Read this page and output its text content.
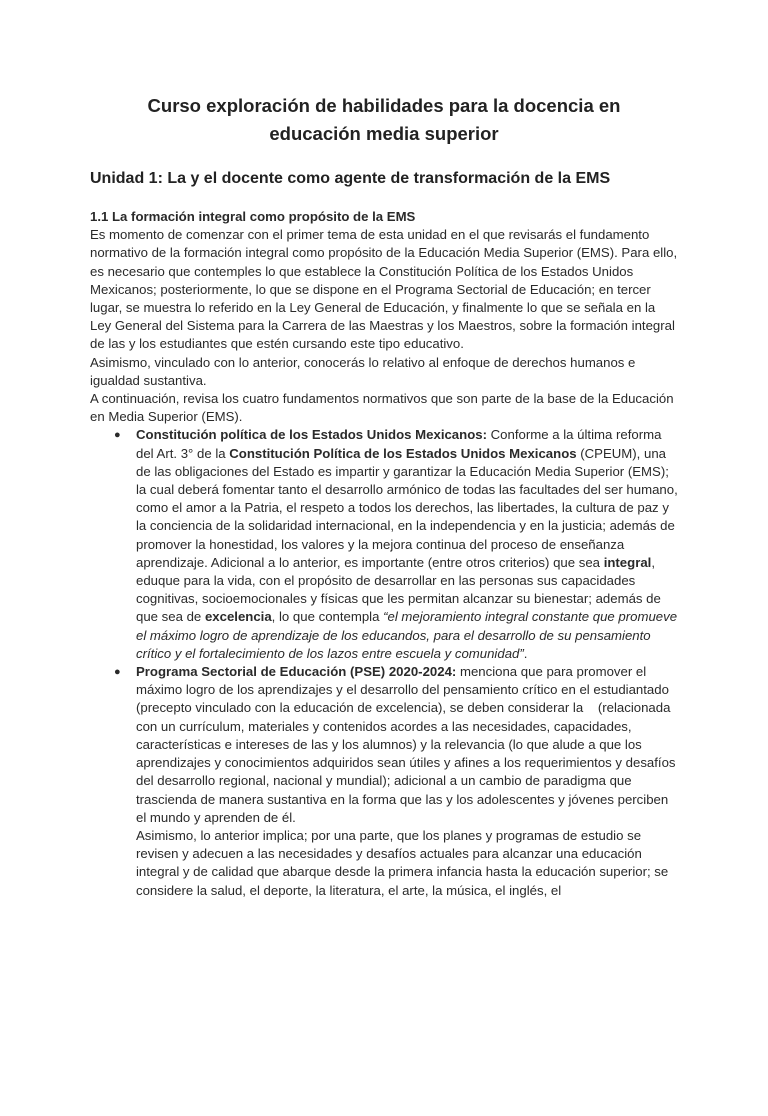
Curso exploración de habilidades para la docencia en
educación media superior
Unidad 1: La y el docente como agente de transformación de la EMS
1.1 La formación integral como propósito de la EMS

Es momento de comenzar con el primer tema de esta unidad en el que revisarás el fundamento normativo de la formación integral como propósito de la Educación Media Superior (EMS). Para ello, es necesario que contemples lo que establece la Constitución Política de los Estados Unidos Mexicanos; posteriormente, lo que se dispone en el Programa Sectorial de Educación; en tercer lugar, se muestra lo referido en la Ley General de Educación, y finalmente lo que se señala en la Ley General del Sistema para la Carrera de las Maestras y los Maestros, sobre la formación integral de las y los estudiantes que estén cursando este tipo educativo.

Asimismo, vinculado con lo anterior, conocerás lo relativo al enfoque de derechos humanos e igualdad sustantiva.

A continuación, revisa los cuatro fundamentos normativos que son parte de la base de la Educación en Media Superior (EMS).

● Constitución política de los Estados Unidos Mexicanos: Conforme a la última reforma del Art. 3° de la Constitución Política de los Estados Unidos Mexicanos (CPEUM), una de las obligaciones del Estado es impartir y garantizar la Educación Media Superior (EMS); la cual deberá fomentar tanto el desarrollo armónico de todas las facultades del ser humano, como el amor a la Patria, el respeto a todos los derechos, las libertades, la cultura de paz y la conciencia de la solidaridad internacional, en la independencia y en la justicia; además de promover la honestidad, los valores y la mejora continua del proceso de enseñanza aprendizaje. Adicional a lo anterior, es importante (entre otros criterios) que sea integral, eduque para la vida, con el propósito de desarrollar en las personas sus capacidades cognitivas, socioemocionales y físicas que les permitan alcanzar su bienestar; además de que sea de excelencia, lo que contempla “el mejoramiento integral constante que promueve el máximo logro de aprendizaje de los educandos, para el desarrollo de su pensamiento crítico y el fortalecimiento de los lazos entre escuela y comunidad”.
● Programa Sectorial de Educación (PSE) 2020-2024: menciona que para promover el máximo logro de los aprendizajes y el desarrollo del pensamiento crítico en el estudiantado (precepto vinculado con la educación de excelencia), se deben considerar la    (relacionada con un currículum, materiales y contenidos acordes a las necesidades, capacidades, características e intereses de las y los alumnos) y la relevancia (lo que alude a que los aprendizajes y conocimientos adquiridos sean útiles y afines a los requerimientos y desafíos del desarrollo regional, nacional y mundial); adicional a un cambio de paradigma que trascienda de manera sustantiva en la forma que las y los adolescentes y jóvenes perciben el mundo y aprenden de él.

Asimismo, lo anterior implica; por una parte, que los planes y programas de estudio se revisen y adecuen a las necesidades y desafíos actuales para alcanzar una educación integral y de calidad que abarque desde la primera infancia hasta la educación superior; se considere la salud, el deporte, la literatura, el arte, la música, el inglés, el
